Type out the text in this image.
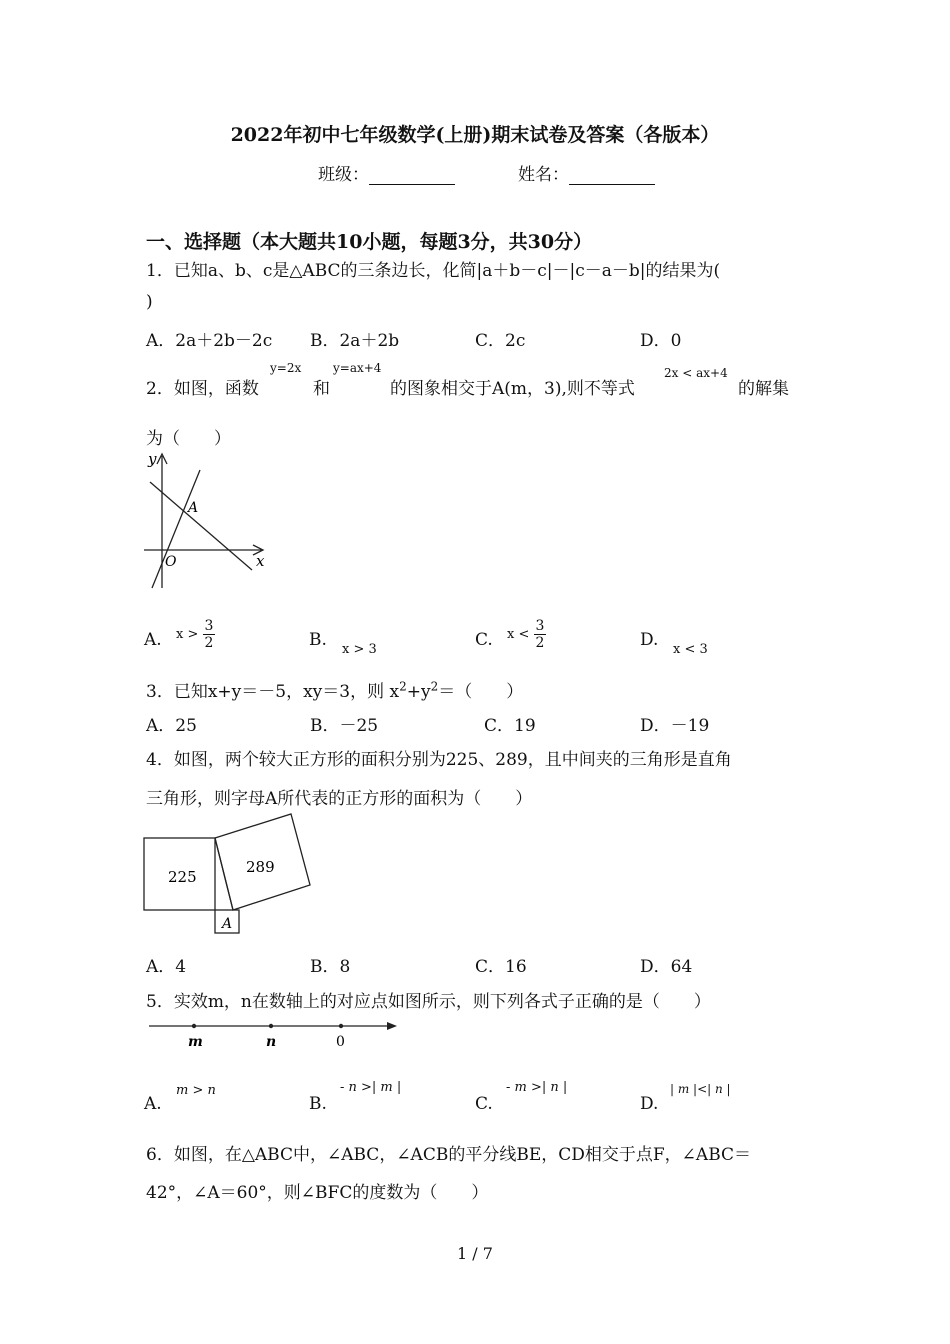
2022年初中七年级数学(上册)期末试卷及答案（各版本）
班级：	姓名：
一、选择题（本大题共10小题，每题3分，共30分）
1．已知a、b、c是△ABC的三条边长，化简|a＋b－c|－|c－a－b|的结果为(
)
A．2a＋2b－2c B．2a＋2b	C．2c	D．0
2．如图，函数
y=2x
和
y=ax+4
的图象相交于A(m，3),则不等式
2x < ax+4
的解集
为（　　）
y
x
O
A
A. $x > \frac{3}{2}$	B. x > 3	C. $x < \frac{3}{2}$	D. x < 3
3．已知x+y＝－5，xy＝3，则 $x^2+y^2=$（　　）
A．25	B．－25	C．19	D．－19
4．如图，两个较大正方形的面积分别为225、289，且中间夹的三角形是直角
三角形，则字母A所代表的正方形的面积为（　　）
225
289
A
A．4	B．8	C．16	D．64
5．实效m，n在数轴上的对应点如图所示，则下列各式子正确的是（　　）
m	n	0
A.
m > n
B.
- n >| m |
C.
- m >| n |
D.
| m |<| n |
6．如图，在△ABC中，∠ABC，∠ACB的平分线BE，CD相交于点F，∠ABC＝
42°，∠A＝60°，则∠BFC的度数为（　　）
1 / 7
